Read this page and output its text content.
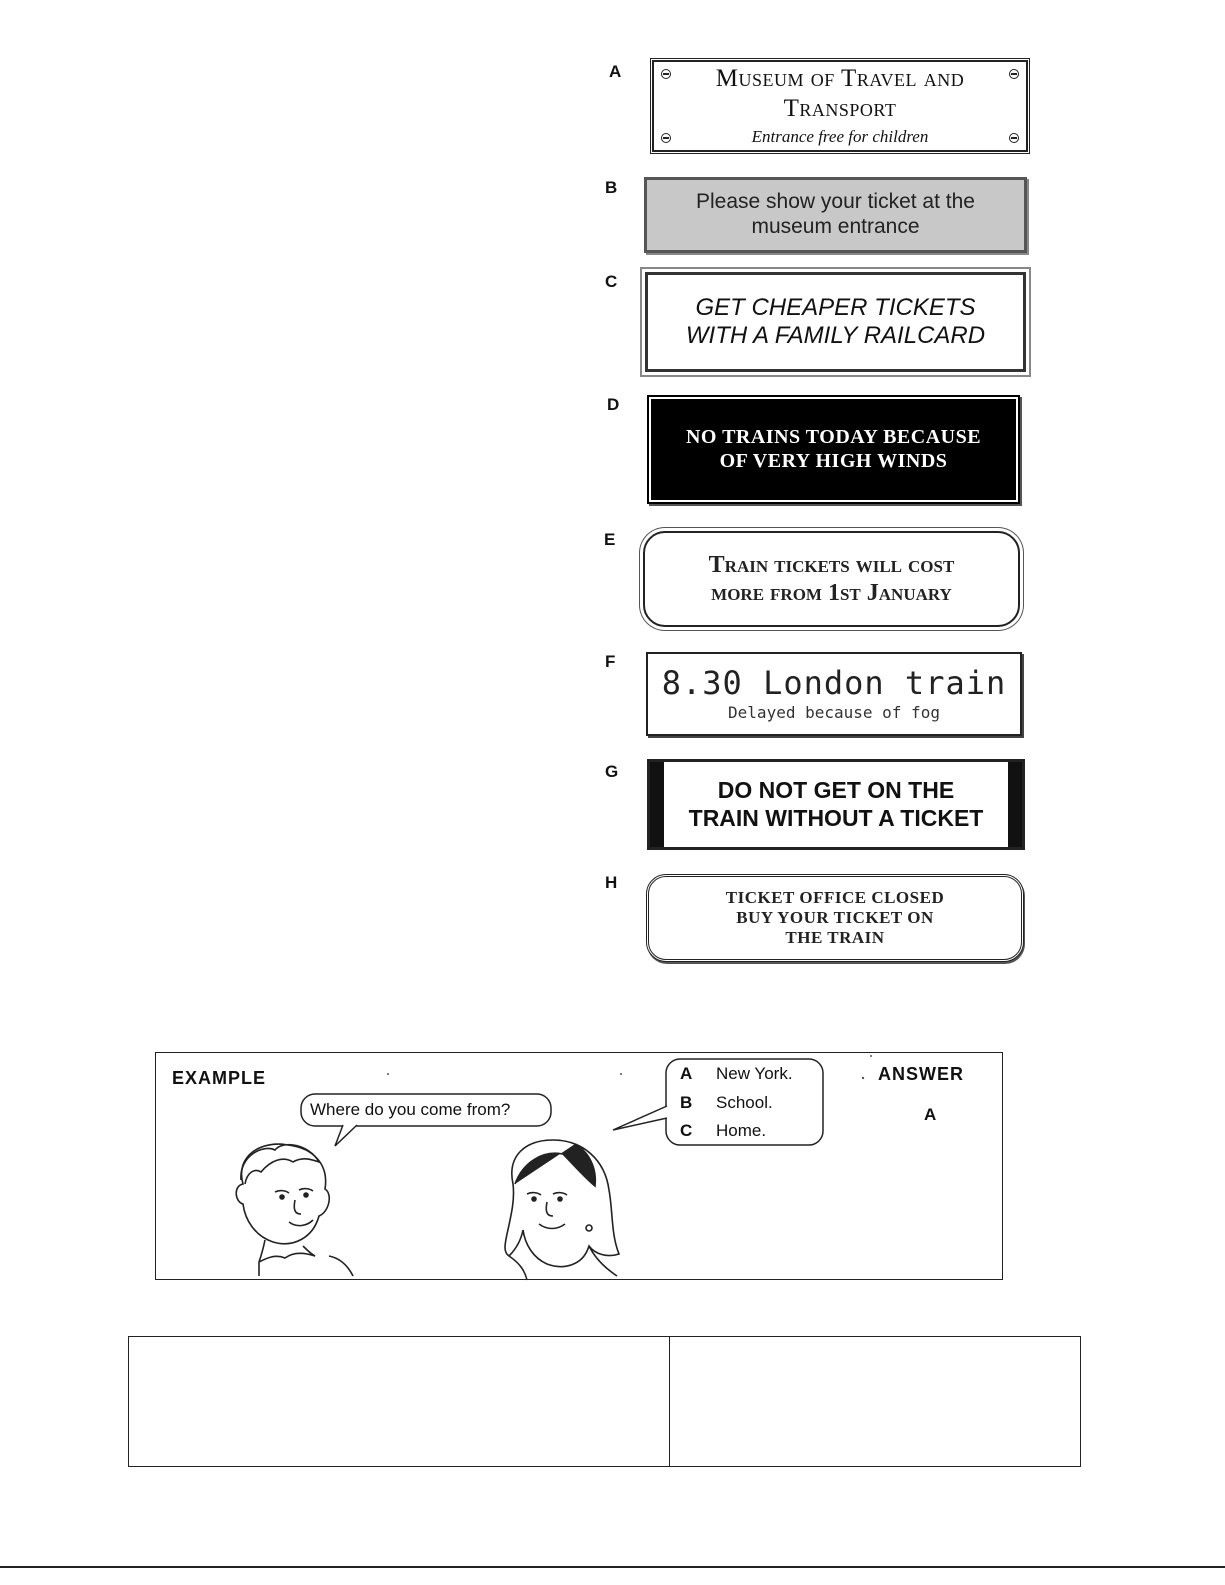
A
B
C
D
E
F
G
H
Museum of Travel and
Transport
Entrance free for children
Please show your ticket at the
museum entrance
GET CHEAPER TICKETS
WITH A FAMILY RAILCARD
NO TRAINS TODAY BECAUSE
OF VERY HIGH WINDS
Train tickets will cost
more from 1st January
8.30 London train
Delayed because of fog
DO NOT GET ON THE
TRAIN WITHOUT A TICKET
TICKET OFFICE CLOSED
BUY YOUR TICKET ON
THE TRAIN
EXAMPLE	ANSWER
A
Where do you come from?
A New York.
B School.
C Home.
